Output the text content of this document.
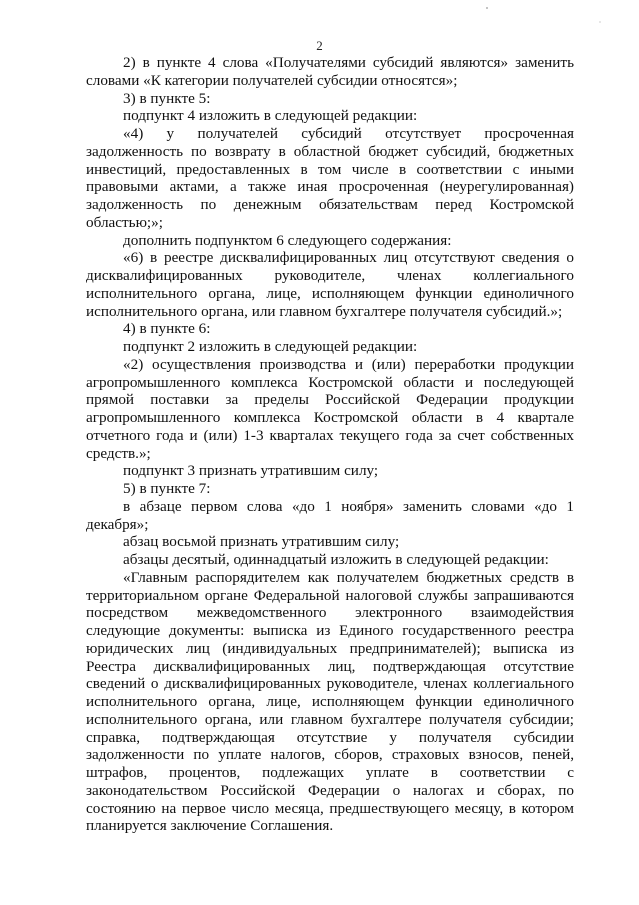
2

2) в пункте 4 слова «Получателями субсидий являются» заменить словами «К категории получателей субсидии относятся»;

3) в пункте 5:

подпункт 4 изложить в следующей редакции:

«4) у получателей субсидий отсутствует просроченная задолженность по возврату в областной бюджет субсидий, бюджетных инвестиций, предоставленных в том числе в соответствии с иными правовыми актами, а также иная просроченная (неурегулированная) задолженность по денежным обязательствам перед Костромской областью;»;

дополнить подпунктом 6 следующего содержания:

«6) в реестре дисквалифицированных лиц отсутствуют сведения о дисквалифицированных руководителе, членах коллегиального исполнительного органа, лице, исполняющем функции единоличного исполнительного органа, или главном бухгалтере получателя субсидий.»;

4) в пункте 6:

подпункт 2 изложить в следующей редакции:

«2) осуществления производства и (или) переработки продукции агропромышленного комплекса Костромской области и последующей прямой поставки за пределы Российской Федерации продукции агропромышленного комплекса Костромской области в 4 квартале отчетного года и (или) 1-3 кварталах текущего года за счет собственных средств.»;

подпункт 3 признать утратившим силу;

5) в пункте 7:

в абзаце первом слова «до 1 ноября» заменить словами «до 1 декабря»;

абзац восьмой признать утратившим силу;

абзацы десятый, одиннадцатый изложить в следующей редакции:

«Главным распорядителем как получателем бюджетных средств в территориальном органе Федеральной налоговой службы запрашиваются посредством межведомственного электронного взаимодействия следующие документы: выписка из Единого государственного реестра юридических лиц (индивидуальных предпринимателей); выписка из Реестра дисквалифицированных лиц, подтверждающая отсутствие сведений о дисквалифицированных руководителе, членах коллегиального исполнительного органа, лице, исполняющем функции единоличного исполнительного органа, или главном бухгалтере получателя субсидии; справка, подтверждающая отсутствие у получателя субсидии задолженности по уплате налогов, сборов, страховых взносов, пеней, штрафов, процентов, подлежащих уплате в соответствии с законодательством Российской Федерации о налогах и сборах, по состоянию на первое число месяца, предшествующего месяцу, в котором планируется заключение Соглашения.
